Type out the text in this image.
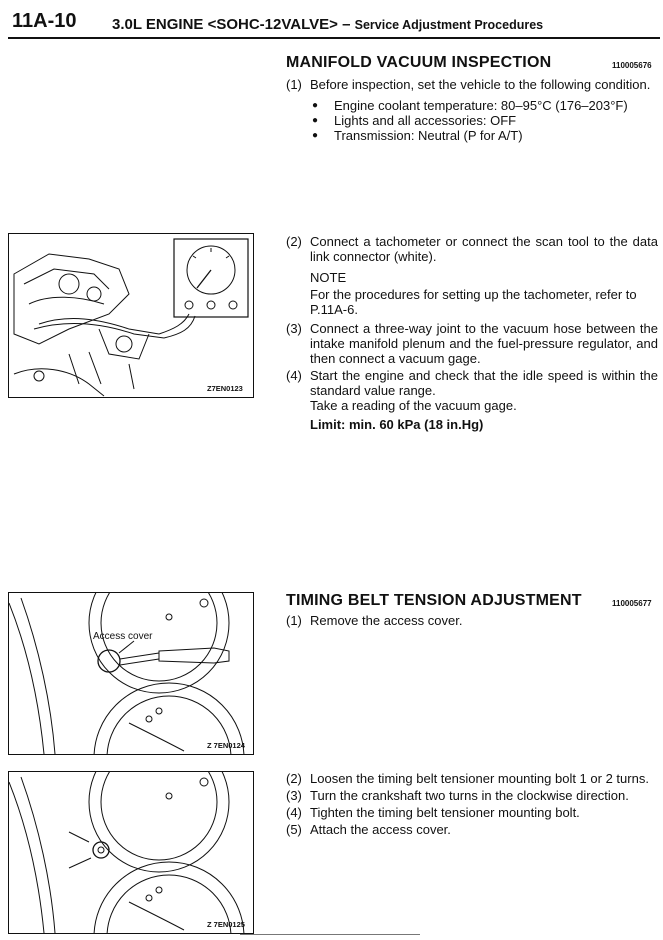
11A-10 3.0L ENGINE <SOHC-12VALVE> – Service Adjustment Procedures
MANIFOLD VACUUM INSPECTION	110005676
(1) Before inspection, set the vehicle to the following condition.
● Engine coolant temperature: 80–95°C (176–203°F)
● Lights and all accessories: OFF
● Transmission: Neutral (P for A/T)
(2) Connect a tachometer or connect the scan tool to the data link connector (white).
NOTE
For the procedures for setting up the tachometer, refer to P.11A-6.
(3) Connect a three-way joint to the vacuum hose between the intake manifold plenum and the fuel-pressure regulator, and then connect a vacuum gage.
(4) Start the engine and check that the idle speed is within the standard value range.
Take a reading of the vacuum gage.
Limit: min. 60 kPa (18 in.Hg)
Z7EN0123
TIMING BELT TENSION ADJUSTMENT	110005677
(1) Remove the access cover.
Access cover
Z 7EN0124
(2) Loosen the timing belt tensioner mounting bolt 1 or 2 turns.
(3) Turn the crankshaft two turns in the clockwise direction.
(4) Tighten the timing belt tensioner mounting bolt.
(5) Attach the access cover.
Z 7EN0125
